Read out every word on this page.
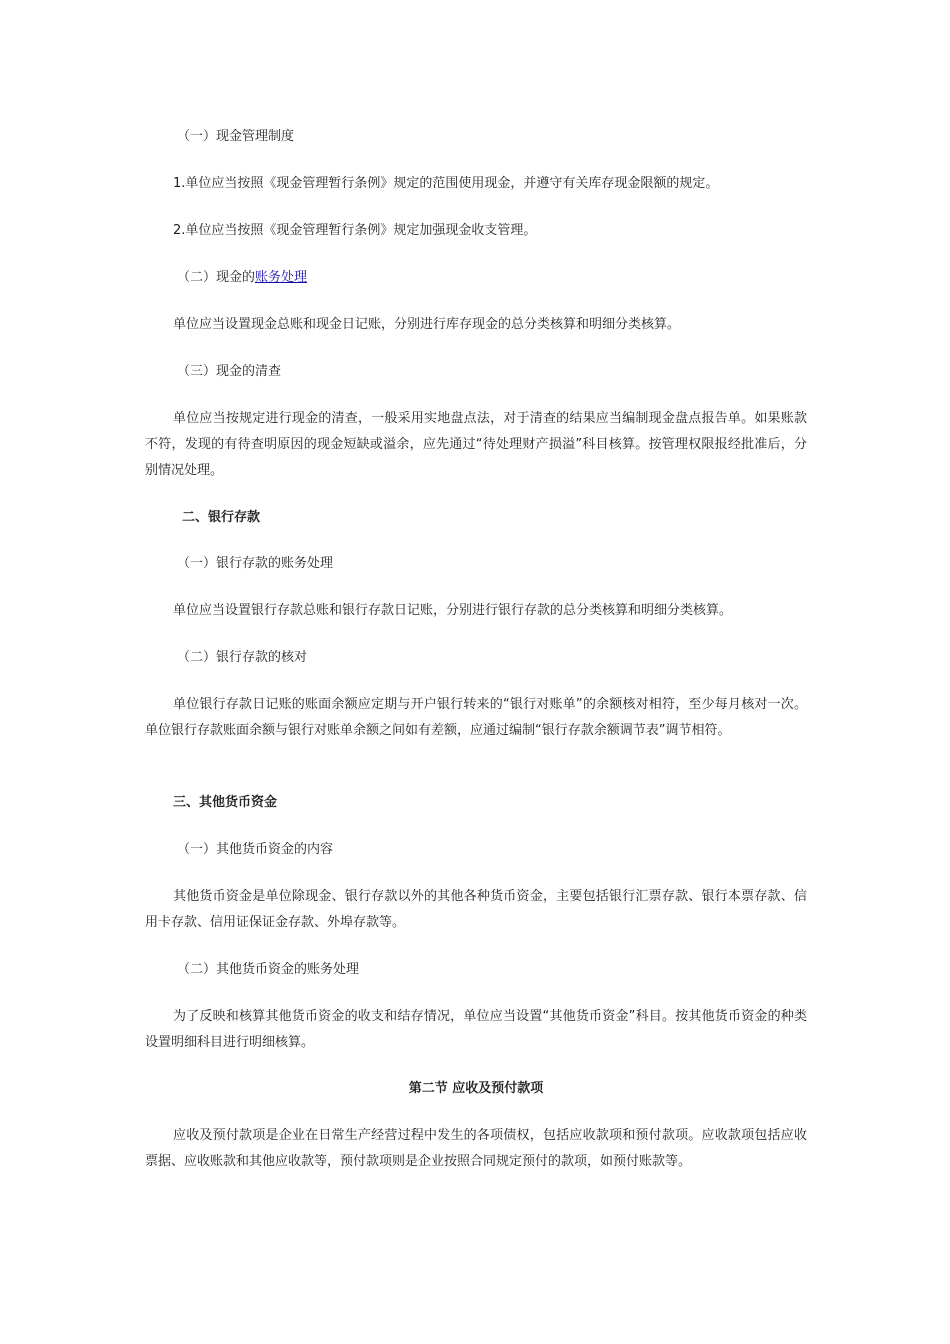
（一）现金管理制度
1.单位应当按照《现金管理暂行条例》规定的范围使用现金，并遵守有关库存现金限额的规定。
2.单位应当按照《现金管理暂行条例》规定加强现金收支管理。
（二）现金的账务处理
单位应当设置现金总账和现金日记账，分别进行库存现金的总分类核算和明细分类核算。
（三）现金的清查
单位应当按规定进行现金的清查，一般采用实地盘点法，对于清查的结果应当编制现金盘点报告单。如果账款不符，发现的有待查明原因的现金短缺或溢余，应先通过“待处理财产损溢”科目核算。按管理权限报经批准后，分别情况处理。
二、银行存款
（一）银行存款的账务处理
单位应当设置银行存款总账和银行存款日记账，分别进行银行存款的总分类核算和明细分类核算。
（二）银行存款的核对
单位银行存款日记账的账面余额应定期与开户银行转来的“银行对账单”的余额核对相符，至少每月核对一次。单位银行存款账面余额与银行对账单余额之间如有差额，应通过编制“银行存款余额调节表”调节相符。
三、其他货币资金
（一）其他货币资金的内容
其他货币资金是单位除现金、银行存款以外的其他各种货币资金，主要包括银行汇票存款、银行本票存款、信用卡存款、信用证保证金存款、外埠存款等。
（二）其他货币资金的账务处理
为了反映和核算其他货币资金的收支和结存情况，单位应当设置“其他货币资金”科目。按其他货币资金的种类设置明细科目进行明细核算。
第二节 应收及预付款项
应收及预付款项是企业在日常生产经营过程中发生的各项债权，包括应收款项和预付款项。应收款项包括应收票据、应收账款和其他应收款等，预付款项则是企业按照合同规定预付的款项，如预付账款等。
